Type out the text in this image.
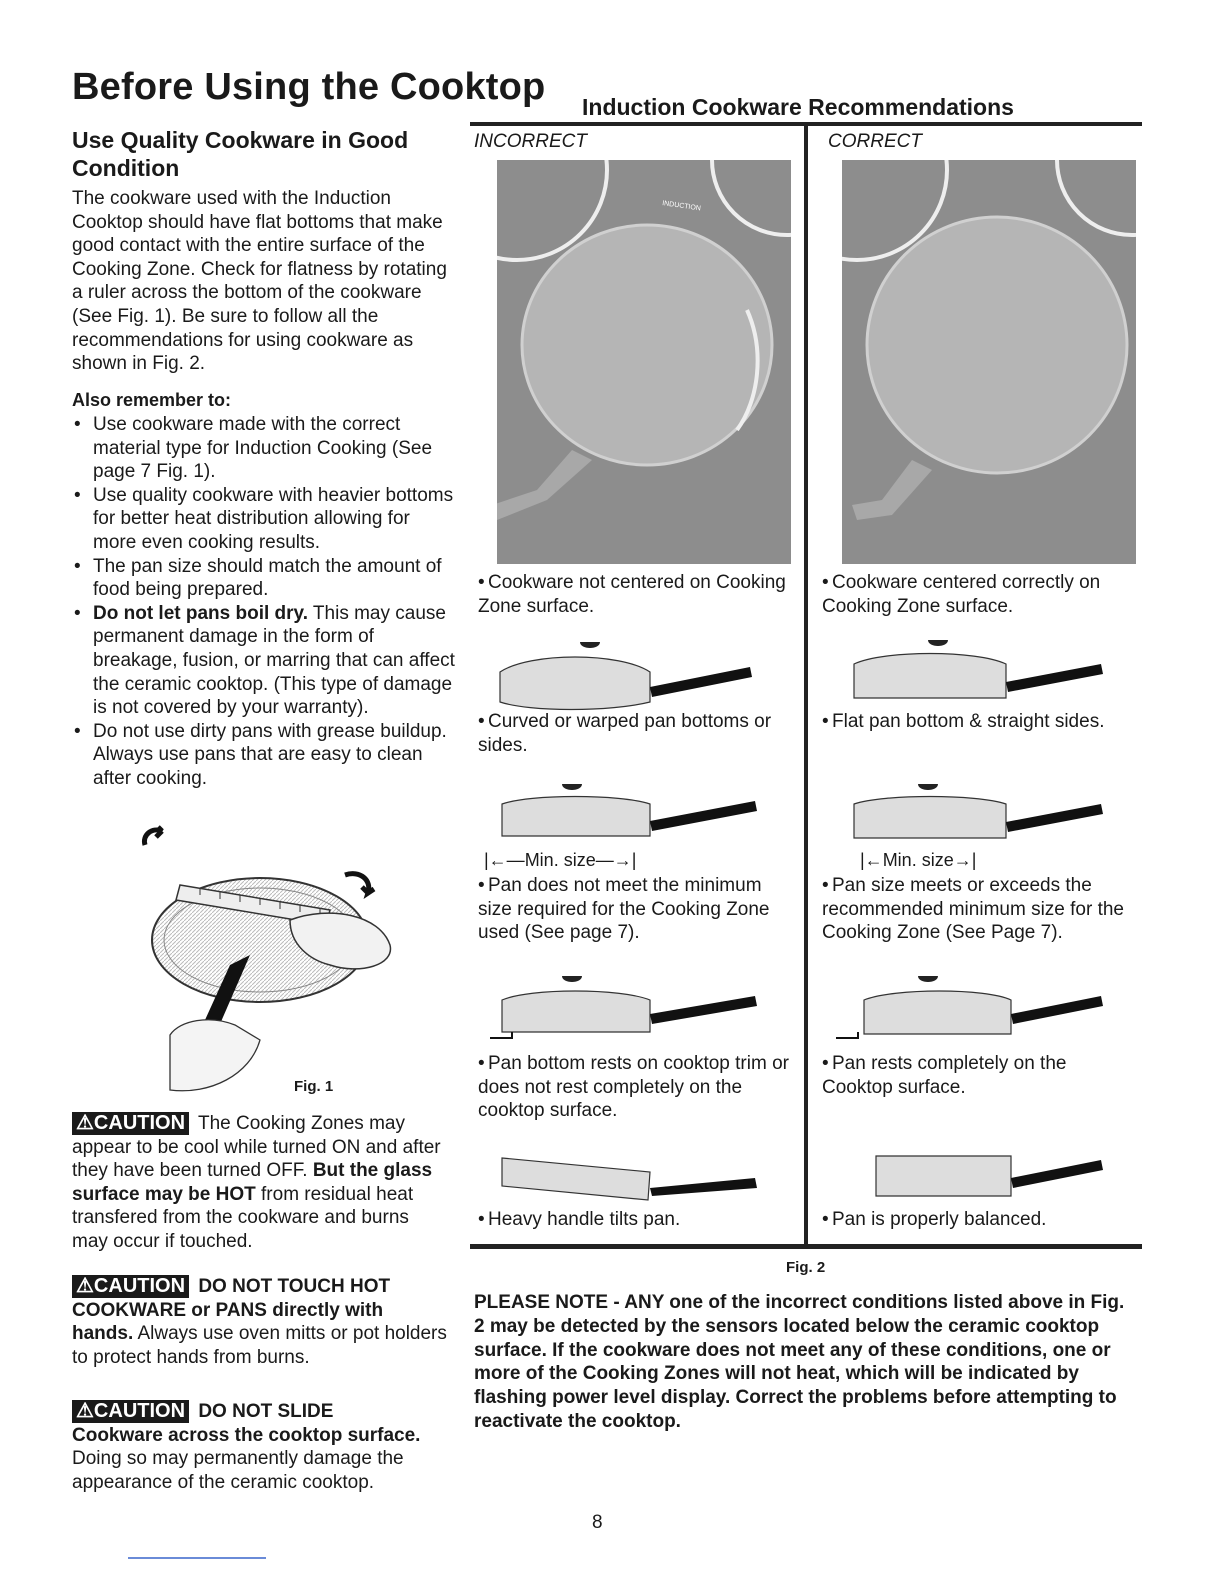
Before Using the Cooktop Induction Cookware Recommendations
INCORRECT	CORRECT
Use Quality Cookware in Good Condition
The cookware used with the Induction Cooktop should have flat bottoms that make good contact with the entire surface of the Cooking Zone. Check for flatness by rotating a ruler across the bottom of the cookware (See Fig. 1). Be sure to follow all the recommendations for using cookware as shown in Fig. 2.
Also remember to:
• Use cookware made with the correct material type for Induction Cooking (See page 7 Fig. 1).
• Use quality cookware with heavier bottoms for better heat distribution allowing for more even cooking results.
• The pan size should match the amount of food being prepared.
• Do not let pans boil dry. This may cause permanent damage in the form of breakage, fusion, or marring that can affect the ceramic cooktop. (This type of damage is not covered by your warranty).
• Do not use dirty pans with grease buildup. Always use pans that are easy to clean after cooking.
Fig. 1
⚠CAUTION The Cooking Zones may appear to be cool while turned ON and after they have been turned OFF. But the glass surface may be HOT from residual heat transfered from the cookware and burns may occur if touched.
⚠CAUTION DO NOT TOUCH HOT COOKWARE or PANS directly with hands. Always use oven mitts or pot holders to protect hands from burns.
⚠CAUTION DO NOT SLIDE
Cookware across the cooktop surface. Doing so may permanently damage the appearance of the ceramic cooktop.
INDUCTION
• Cookware not centered on Cooking Zone surface.
• Curved or warped pan bottoms or sides.
• Pan does not meet the minimum size required for the Cooking Zone used (See page 7).
• Pan bottom rests on cooktop trim or does not rest completely on the cooktop surface.
• Heavy handle tilts pan.
• Cookware centered correctly on Cooking Zone surface.
• Flat pan bottom & straight sides.
• Pan size meets or exceeds the recommended minimum size for the Cooking Zone (See Page 7).
• Pan rests completely on the Cooktop surface.
• Pan is properly balanced.
|←—Min. size—→|	|←Min. size→|
Fig. 2
PLEASE NOTE - ANY one of the incorrect conditions listed above in Fig. 2 may be detected by the sensors located below the ceramic cooktop surface. If the cookware does not meet any of these conditions, one or more of the Cooking Zones will not heat, which will be indicated by flashing power level display. Correct the problems before attempting to reactivate the cooktop.
8
